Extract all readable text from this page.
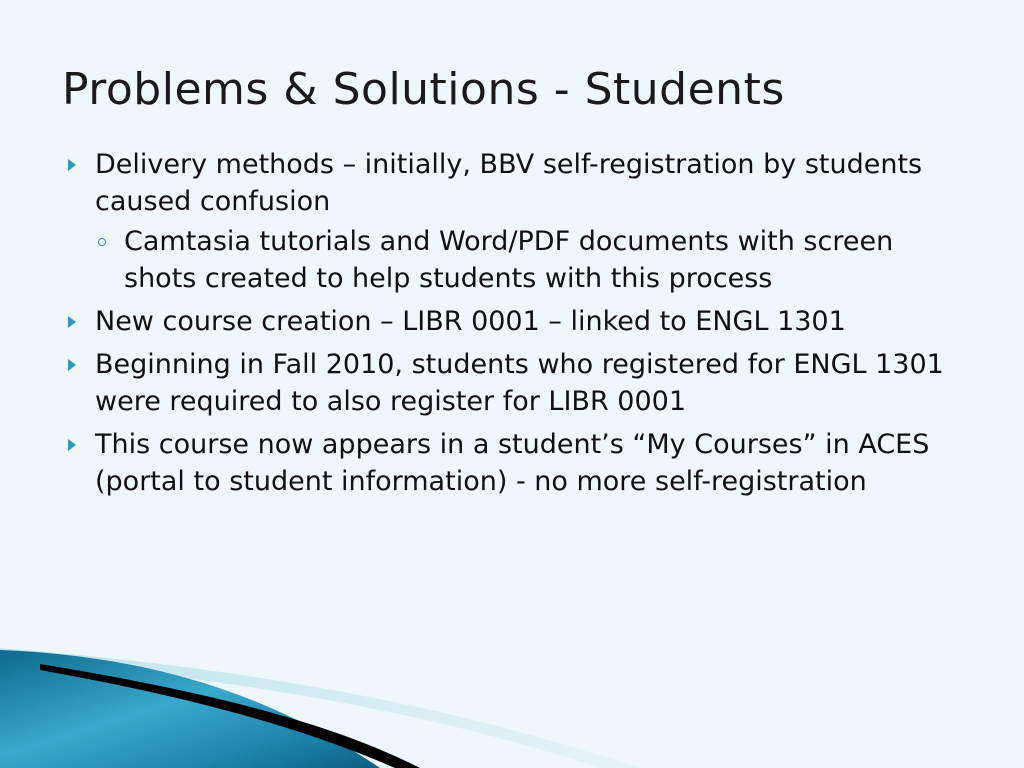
Problems & Solutions - Students
Delivery methods – initially, BBV self-registration by students caused confusion
Camtasia tutorials and Word/PDF documents with screen shots created to help students with this process
New course creation – LIBR 0001 – linked to ENGL 1301
Beginning in Fall 2010, students who registered for ENGL 1301 were required to also register for LIBR 0001
This course now appears in a student’s “My Courses” in ACES (portal to student information) - no more self-registration
